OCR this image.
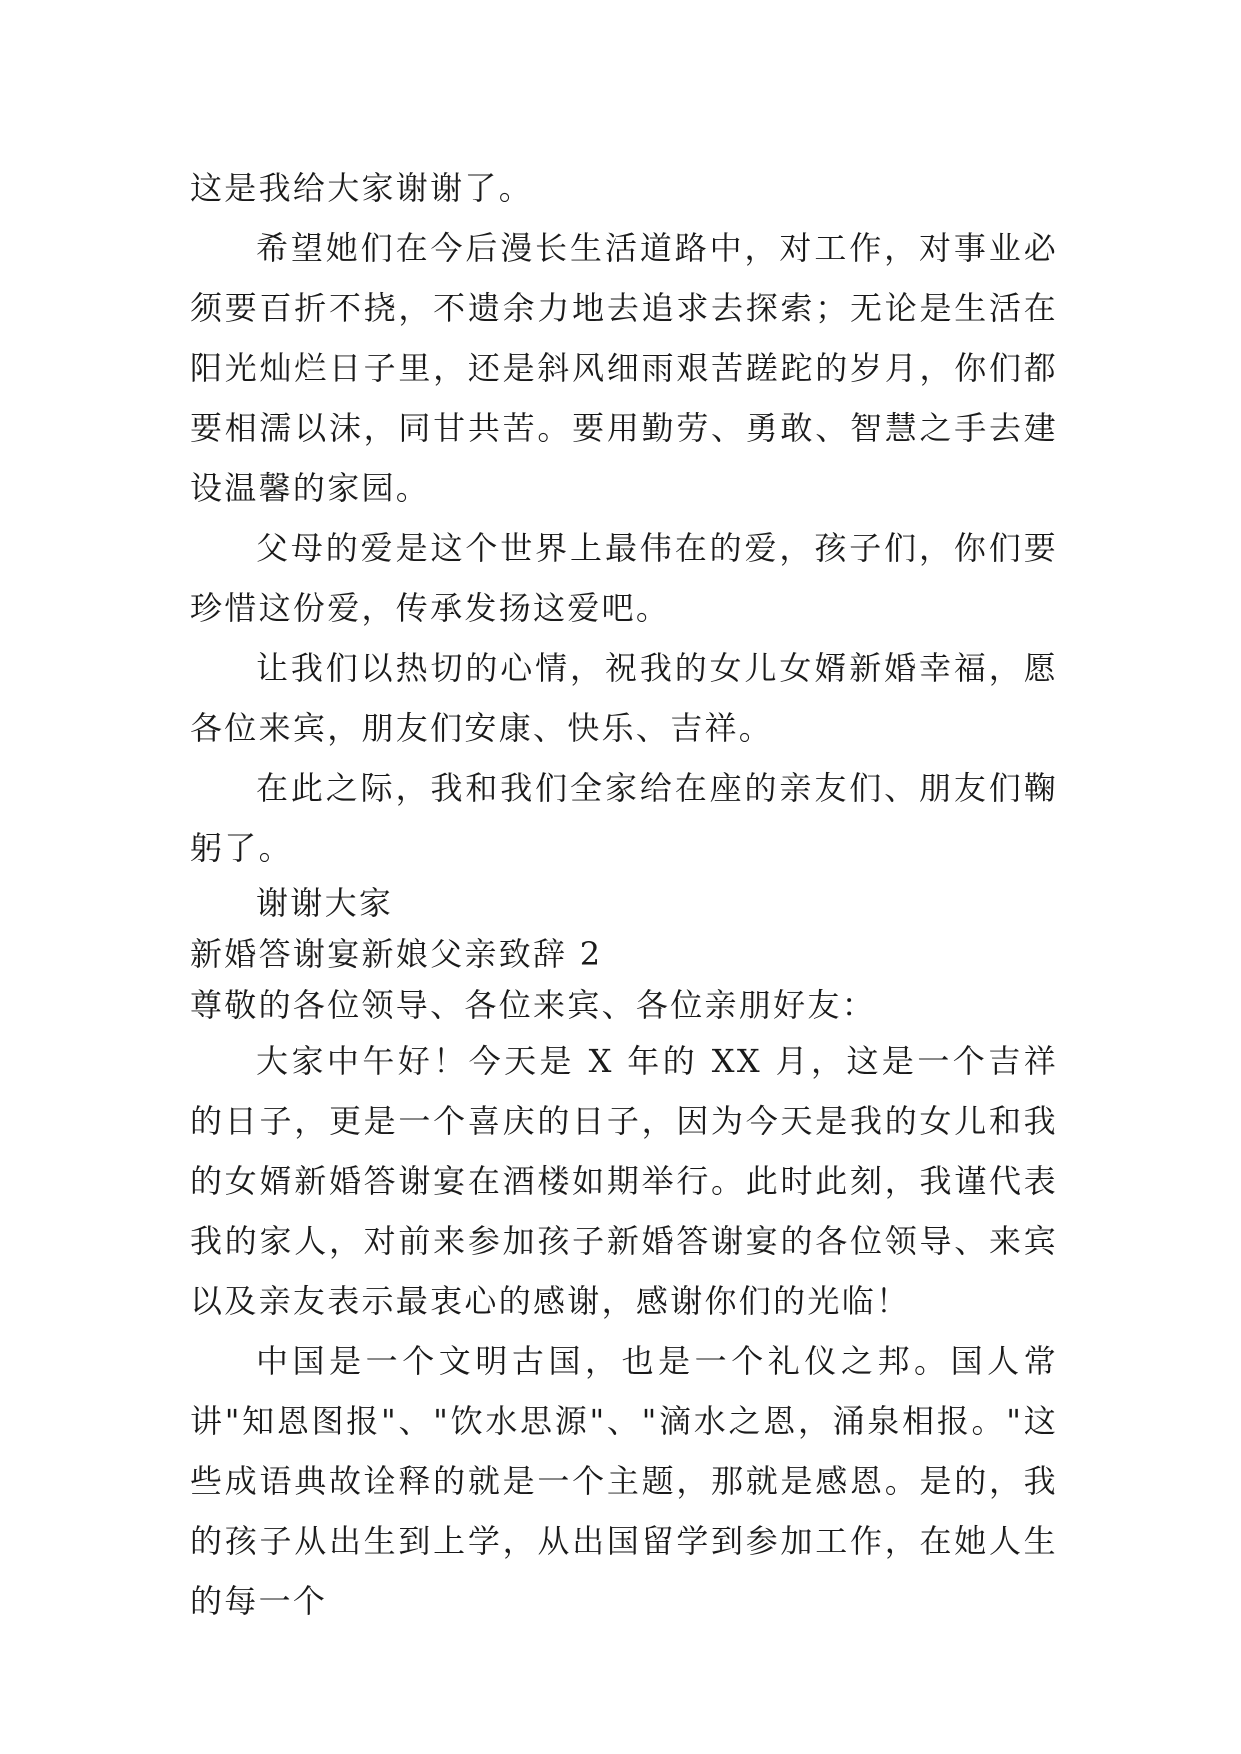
这是我给大家谢谢了。

希望她们在今后漫长生活道路中，对工作，对事业必须要百折不挠，不遗余力地去追求去探索；无论是生活在阳光灿烂日子里，还是斜风细雨艰苦蹉跎的岁月，你们都要相濡以沫，同甘共苦。要用勤劳、勇敢、智慧之手去建设温馨的家园。

父母的爱是这个世界上最伟在的爱，孩子们，你们要珍惜这份爱，传承发扬这爱吧。

让我们以热切的心情，祝我的女儿女婿新婚幸福，愿各位来宾，朋友们安康、快乐、吉祥。

在此之际，我和我们全家给在座的亲友们、朋友们鞠躬了。

谢谢大家

新婚答谢宴新娘父亲致辞 2

尊敬的各位领导、各位来宾、各位亲朋好友：

大家中午好！今天是 X 年的 XX 月，这是一个吉祥的日子，更是一个喜庆的日子，因为今天是我的女儿和我的女婿新婚答谢宴在酒楼如期举行。此时此刻，我谨代表我的家人，对前来参加孩子新婚答谢宴的各位领导、来宾以及亲友表示最衷心的感谢，感谢你们的光临！

中国是一个文明古国，也是一个礼仪之邦。国人常讲"知恩图报"、"饮水思源"、"滴水之恩，涌泉相报。"这些成语典故诠释的就是一个主题，那就是感恩。是的，我的孩子从出生到上学，从出国留学到参加工作，在她人生的每一个
